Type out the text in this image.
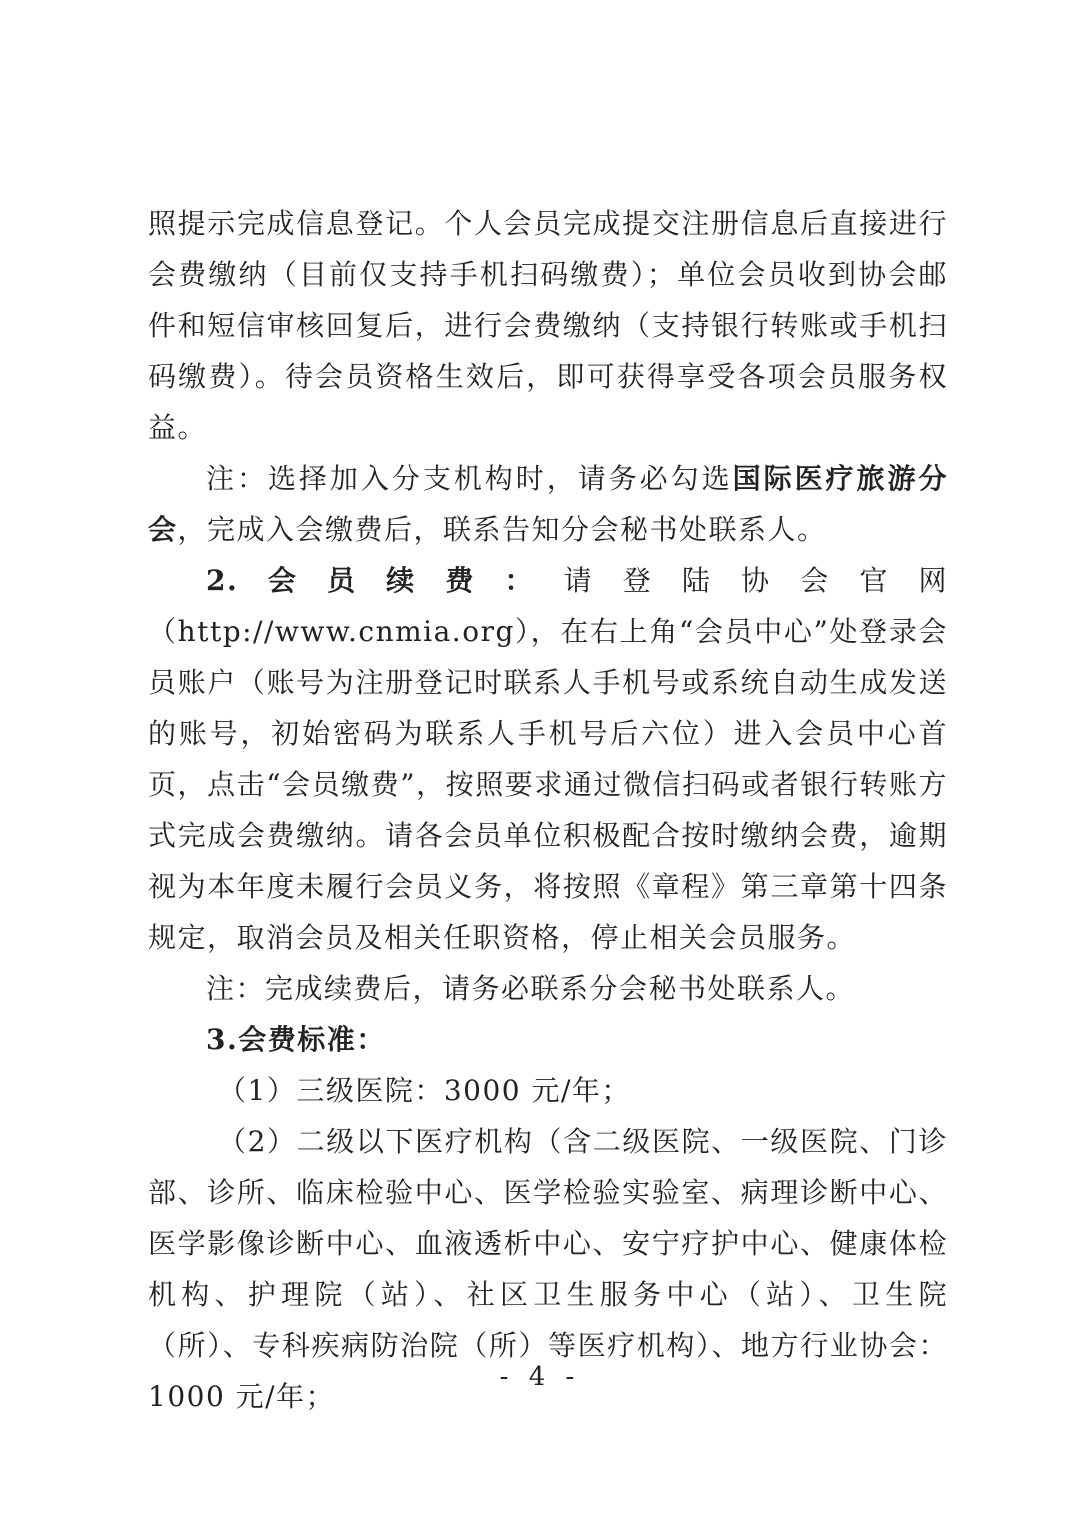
照提示完成信息登记。个人会员完成提交注册信息后直接进行会费缴纳（目前仅支持手机扫码缴费）；单位会员收到协会邮件和短信审核回复后，进行会费缴纳（支持银行转账或手机扫码缴费）。待会员资格生效后，即可获得享受各项会员服务权益。

注：选择加入分支机构时，请务必勾选国际医疗旅游分会，完成入会缴费后，联系告知分会秘书处联系人。

2.会员续费：请登陆协会官网（http://www.cnmia.org），在右上角“会员中心”处登录会员账户（账号为注册登记时联系人手机号或系统自动生成发送的账号，初始密码为联系人手机号后六位）进入会员中心首页，点击“会员缴费”，按照要求通过微信扫码或者银行转账方式完成会费缴纳。请各会员单位积极配合按时缴纳会费，逾期视为本年度未履行会员义务，将按照《章程》第三章第十四条规定，取消会员及相关任职资格，停止相关会员服务。

注：完成续费后，请务必联系分会秘书处联系人。

3.会费标准：

（1）三级医院：3000 元/年；

（2）二级以下医疗机构（含二级医院、一级医院、门诊部、诊所、临床检验中心、医学检验实验室、病理诊断中心、医学影像诊断中心、血液透析中心、安宁疗护中心、健康体检机构、护理院（站）、社区卫生服务中心（站）、卫生院（所）、专科疾病防治院（所）等医疗机构）、地方行业协会：1000 元/年；

- 4 -
